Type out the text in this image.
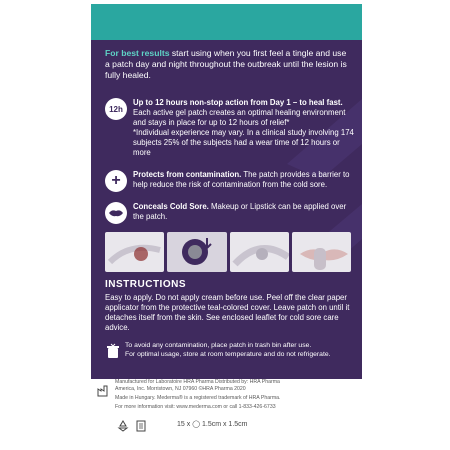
For best results start using when you first feel a tingle and use a patch day and night throughout the outbreak until the lesion is fully healed.
12h
Up to 12 hours non-stop action from Day 1 – to heal fast. Each active gel patch creates an optimal healing environment and stays in place for up to 12 hours of relief*
*Individual experience may vary. In a clinical study involving 174 subjects 25% of the subjects had a wear time of 12 hours or more
+	Protects from contamination. The patch provides a barrier to help reduce the risk of contamination from the cold sore.
Conceals Cold Sore. Makeup or Lipstick can be applied over the patch.
INSTRUCTIONS
Easy to apply. Do not apply cream before use. Peel off the clear paper applicator from the protective teal-colored cover. Leave patch on until it detaches itself from the skin. See enclosed leaflet for cold sore care advice.
To avoid any contamination, place patch in trash bin after use.
For optimal usage, store at room temperature and do not refrigerate.
Manufactured for Laboratoire HRA Pharma Distributed by: HRA Pharma
America, Inc. Morristown, NJ 07960 ©HRA Pharma 2020
Made in Hungary. Mederma® is a registered trademark of HRA Pharma.
For more information visit: www.mederma.com or call 1-833-426-6733
15 x ◯ 1.5cm x 1.5cm
